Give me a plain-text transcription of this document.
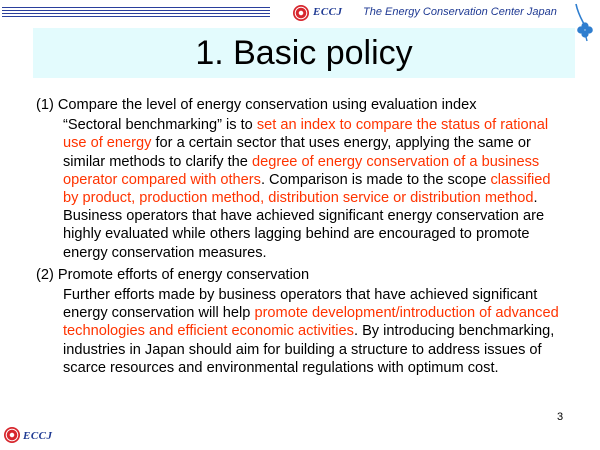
ECCJ The Energy Conservation Center Japan
1. Basic policy
(1) Compare the level of energy conservation using evaluation index
“Sectoral benchmarking” is to set an index to compare the status of rational use of energy for a certain sector that uses energy, applying the same or similar methods to clarify the degree of energy conservation of a business operator compared with others. Comparison is made to the scope classified by product, production method, distribution service or distribution method. Business operators that have achieved significant energy conservation are highly evaluated while others lagging behind are encouraged to promote energy conservation measures.
(2) Promote efforts of energy conservation
Further efforts made by business operators that have achieved significant energy conservation will help promote development/introduction of advanced technologies and efficient economic activities. By introducing benchmarking, industries in Japan should aim for building a structure to address issues of scarce resources and environmental regulations with optimum cost.
3
ECCJ
